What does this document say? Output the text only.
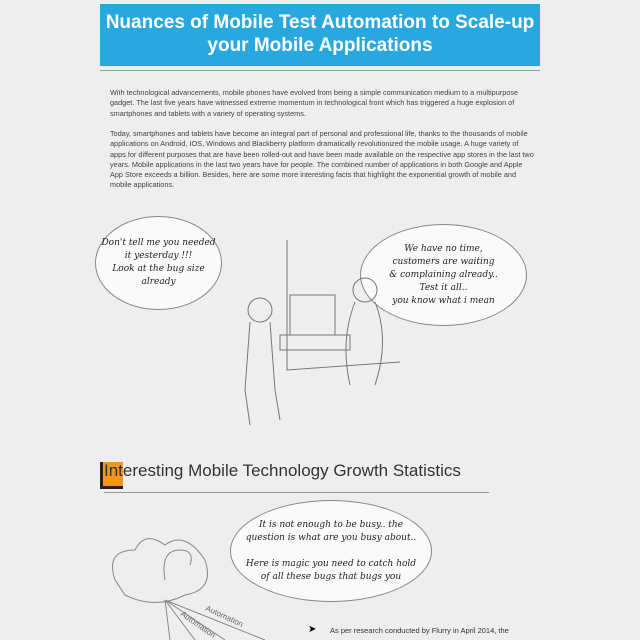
Nuances of Mobile Test Automation to Scale-up your Mobile Applications
With technological advancements, mobile phones have evolved from being a simple communication medium to a multipurpose gadget. The last five years have witnessed extreme momentum in technological front which has triggered a huge explosion of smartphones and tablets with a variety of operating systems.
Today, smartphones and tablets have become an integral part of personal and professional life, thanks to the thousands of mobile applications on Android, IOS, Windows and Blackberry platform dramatically revolutionized the mobile usage. A huge variety of apps for different purposes that are have been rolled-out and have been made available on the respective app stores in the last two years. Mobile applications in the last two years have for people. The combined number of applications in both Google and Apple App Store exceeds a billion. Besides, here are some more interesting facts that highlight the exponential growth of mobile and mobile applications.
Don't tell me you needed
it yesterday !!!
Look at the bug size
already
We have no time,
customers are waiting
& complaining already..
Test it all..
you know what i mean
Interesting Mobile Technology Growth Statistics
It is not enough to be busy.. the
question is what are you busy about..

Here is magic you need to catch hold
of all these bugs that bugs you
Automation
Automation	➤ As per research conducted by Flurry in April 2014, the
